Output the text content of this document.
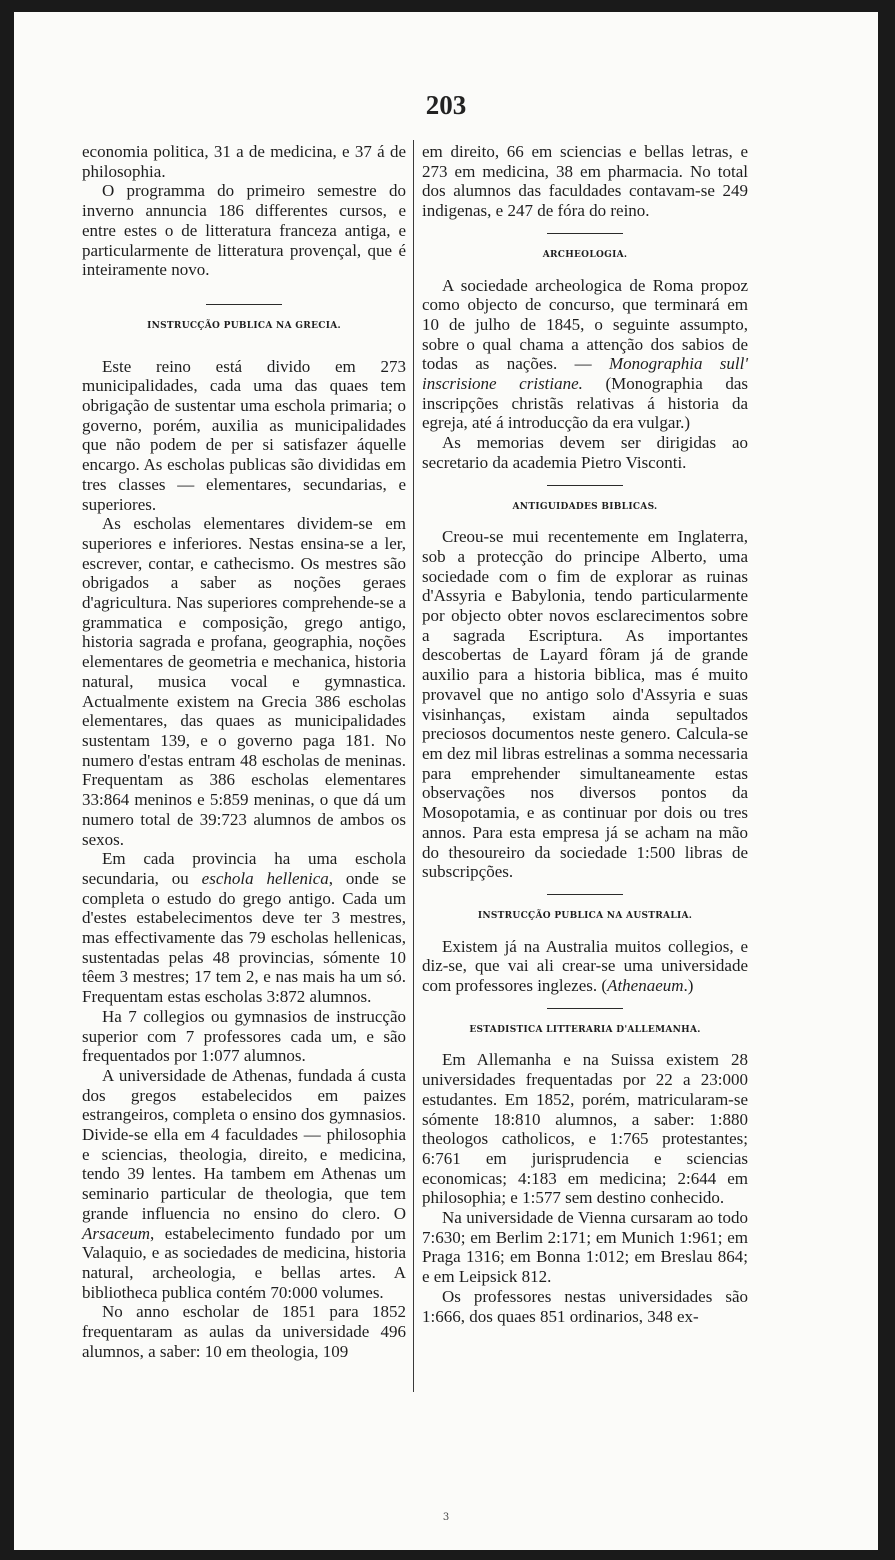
203

economia politica, 31 a de medicina, e 37 á de philosophia.

O programma do primeiro semestre do inverno annuncia 186 differentes cursos, e entre estes o de litteratura franceza antiga, e particularmente de litteratura provençal, que é inteiramente novo.

INSTRUCÇÃO PUBLICA NA GRECIA.

Este reino está divido em 273 municipalidades, cada uma das quaes tem obrigação de sustentar uma eschola primaria; o governo, porém, auxilia as municipalidades que não podem de per si satisfazer áquelle encargo. As escholas publicas são divididas em tres classes — elementares, secundarias, e superiores.

As escholas elementares dividem-se em superiores e inferiores. Nestas ensina-se a ler, escrever, contar, e cathecismo. Os mestres são obrigados a saber as noções geraes d'agricultura. Nas superiores comprehende-se a grammatica e composição, grego antigo, historia sagrada e profana, geographia, noções elementares de geometria e mechanica, historia natural, musica vocal e gymnastica. Actualmente existem na Grecia 386 escholas elementares, das quaes as municipalidades sustentam 139, e o governo paga 181. No numero d'estas entram 48 escholas de meninas. Frequentam as 386 escholas elementares 33:864 meninos e 5:859 meninas, o que dá um numero total de 39:723 alumnos de ambos os sexos.

Em cada provincia ha uma eschola secundaria, ou eschola hellenica, onde se completa o estudo do grego antigo. Cada um d'estes estabelecimentos deve ter 3 mestres, mas effectivamente das 79 escholas hellenicas, sustentadas pelas 48 provincias, sómente 10 têem 3 mestres; 17 tem 2, e nas mais ha um só. Frequentam estas escholas 3:872 alumnos.

Ha 7 collegios ou gymnasios de instrucção superior com 7 professores cada um, e são frequentados por 1:077 alumnos.

A universidade de Athenas, fundada á custa dos gregos estabelecidos em paizes estrangeiros, completa o ensino dos gymnasios. Divide-se ella em 4 faculdades — philosophia e sciencias, theologia, direito, e medicina, tendo 39 lentes. Ha tambem em Athenas um seminario particular de theologia, que tem grande influencia no ensino do clero. O Arsaceum, estabelecimento fundado por um Valaquio, e as sociedades de medicina, historia natural, archeologia, e bellas artes. A bibliotheca publica contém 70:000 volumes.

No anno escholar de 1851 para 1852 frequentaram as aulas da universidade 496 alumnos, a saber: 10 em theologia, 109

em direito, 66 em sciencias e bellas letras, e 273 em medicina, 38 em pharmacia. No total dos alumnos das faculdades contavam-se 249 indigenas, e 247 de fóra do reino.

ARCHEOLOGIA.

A sociedade archeologica de Roma propoz como objecto de concurso, que terminará em 10 de julho de 1845, o seguinte assumpto, sobre o qual chama a attenção dos sabios de todas as nações. — Monographia sull' inscrisione cristiane. (Monographia das inscripções christãs relativas á historia da egreja, até á introducção da era vulgar.)

As memorias devem ser dirigidas ao secretario da academia Pietro Visconti.

ANTIGUIDADES BIBLICAS.

Creou-se mui recentemente em Inglaterra, sob a protecção do principe Alberto, uma sociedade com o fim de explorar as ruinas d'Assyria e Babylonia, tendo particularmente por objecto obter novos esclarecimentos sobre a sagrada Escriptura. As importantes descobertas de Layard fôram já de grande auxilio para a historia biblica, mas é muito provavel que no antigo solo d'Assyria e suas visinhanças, existam ainda sepultados preciosos documentos neste genero. Calcula-se em dez mil libras estrelinas a somma necessaria para emprehender simultaneamente estas observações nos diversos pontos da Mosopotamia, e as continuar por dois ou tres annos. Para esta empresa já se acham na mão do thesoureiro da sociedade 1:500 libras de subscripções.

INSTRUCÇÃO PUBLICA NA AUSTRALIA.

Existem já na Australia muitos collegios, e diz-se, que vai ali crear-se uma universidade com professores inglezes. (Athenaeum.)

ESTADISTICA LITTERARIA D'ALLEMANHA.

Em Allemanha e na Suissa existem 28 universidades frequentadas por 22 a 23:000 estudantes. Em 1852, porém, matricularam-se sómente 18:810 alumnos, a saber: 1:880 theologos catholicos, e 1:765 protestantes; 6:761 em jurisprudencia e sciencias economicas; 4:183 em medicina; 2:644 em philosophia; e 1:577 sem destino conhecido.

Na universidade de Vienna cursaram ao todo 7:630; em Berlim 2:171; em Munich 1:961; em Praga 1316; em Bonna 1:012; em Breslau 864; e em Leipsick 812.

Os professores nestas universidades são 1:666, dos quaes 851 ordinarios, 348 ex-

3
